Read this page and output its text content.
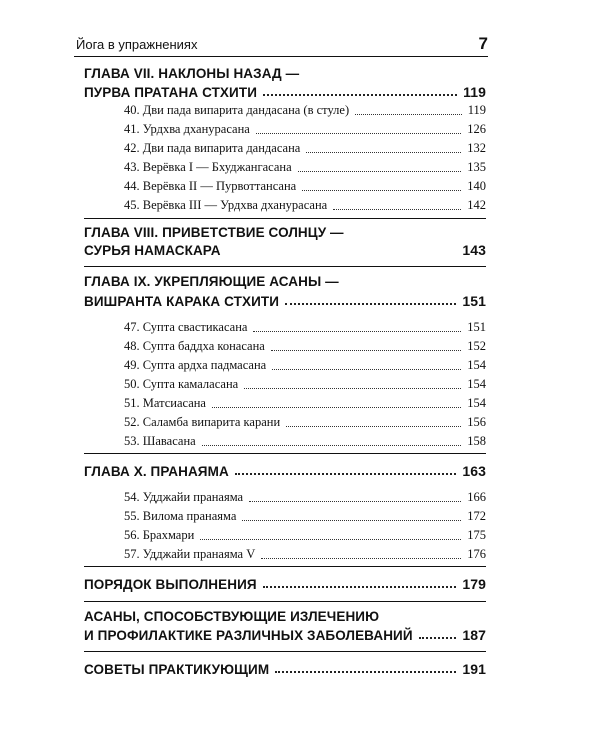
Йога в упражнениях	7
ГЛАВА VII. НАКЛОНЫ НАЗАД —
ПУРВА ПРАТАНА СТХИТИ	119
40. Дви пада випарита дандасана (в стуле)	119
41. Урдхва дханурасана	126
42. Дви пада випарита дандасана	132
43. Верёвка I — Бхуджангасана	135
44. Верёвка II — Пурвоттансана	140
45. Верёвка III — Урдхва дханурасана	142
ГЛАВА VIII. ПРИВЕТСТВИЕ СОЛНЦУ —
СУРЬЯ НАМАСКАРА	143
ГЛАВА IX. УКРЕПЛЯЮЩИЕ АСАНЫ —
ВИШРАНТА КАРАКА СТХИТИ	151
47. Супта свастикасана	151
48. Супта баддха конасана	152
49. Супта ардха падмасана	154
50. Супта камаласана	154
51. Матсиасана	154
52. Саламба випарита карани	156
53. Шавасана	158
ГЛАВА X. ПРАНАЯМА	163
54. Удджайи пранаяма	166
55. Вилома пранаяма	172
56. Брахмари	175
57. Удджайи пранаяма V	176
ПОРЯДОК ВЫПОЛНЕНИЯ	179
АСАНЫ, СПОСОБСТВУЮЩИЕ ИЗЛЕЧЕНИЮ
И ПРОФИЛАКТИКЕ РАЗЛИЧНЫХ ЗАБОЛЕВАНИЙ	187
СОВЕТЫ ПРАКТИКУЮЩИМ	191
